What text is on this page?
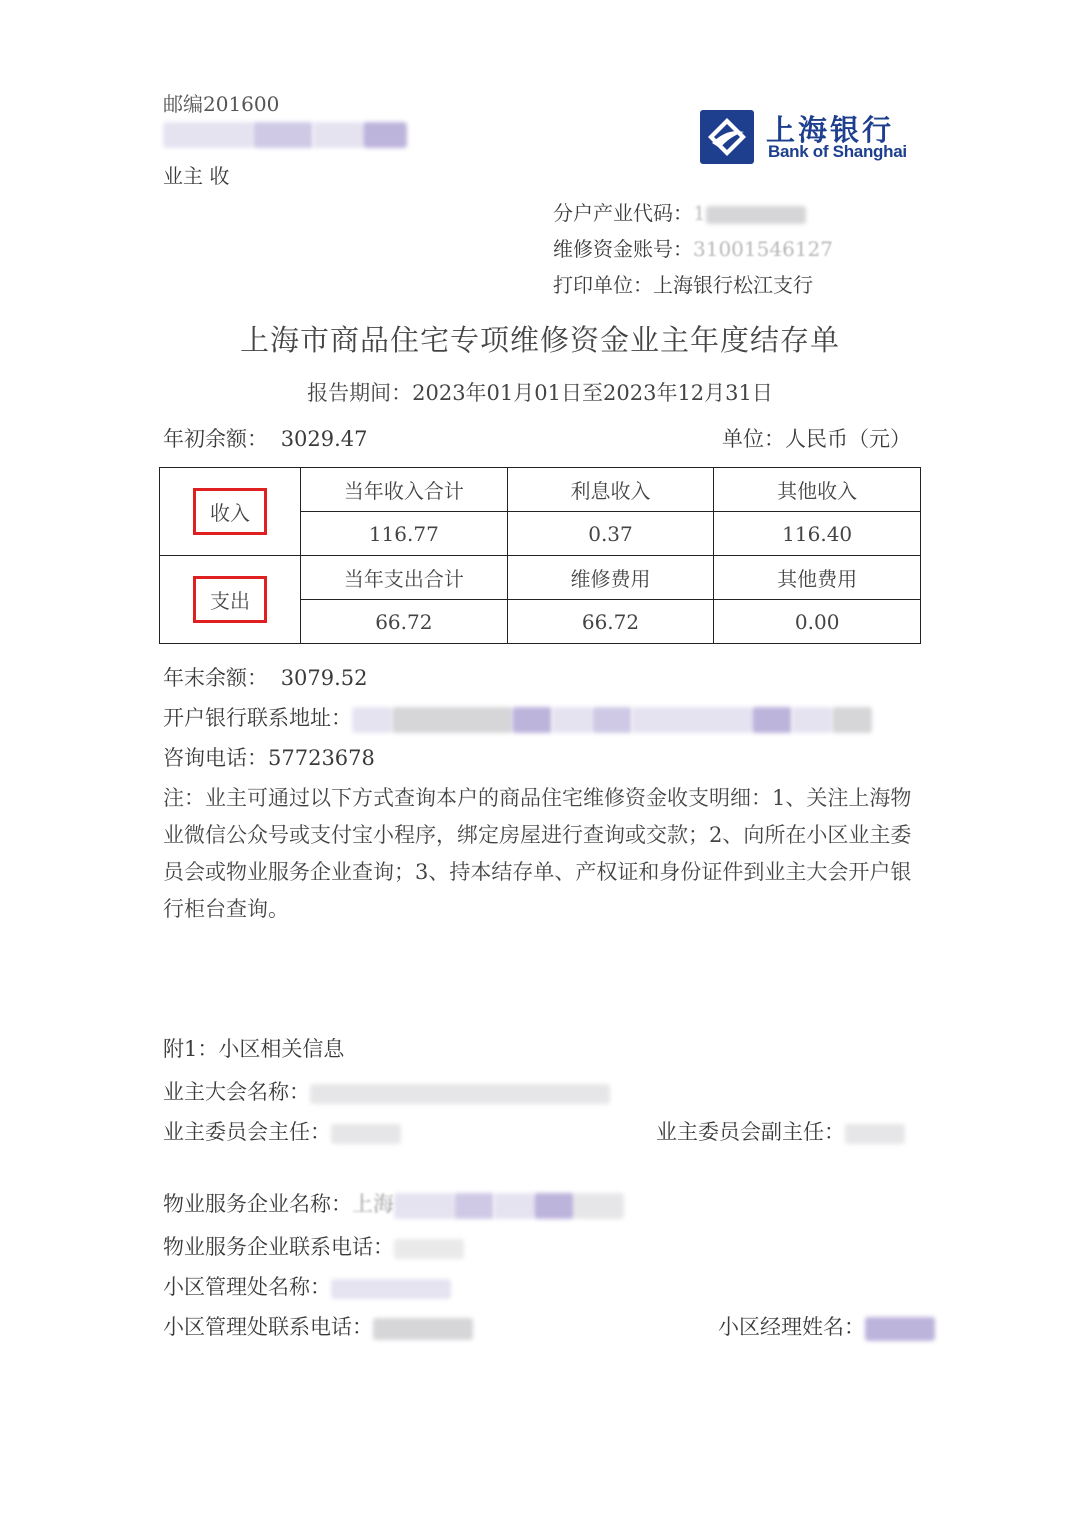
邮编201600
业主 收
上海银行
Bank of Shanghai
分户产业代码：1
维修资金账号：31001546127
打印单位：上海银行松江支行
上海市商品住宅专项维修资金业主年度结存单
报告期间：2023年01月01日至2023年12月31日
年初余额： 3029.47	单位：人民币（元）
收入	当年收入合计	利息收入	其他收入
	116.77	0.37	116.40
支出	当年支出合计	维修费用	其他费用
	66.72	66.72	0.00
年末余额： 3079.52
开户银行联系地址：
咨询电话：57723678
注：业主可通过以下方式查询本户的商品住宅维修资金收支明细：1、关注上海物业微信公众号或支付宝小程序，绑定房屋进行查询或交款；2、向所在小区业主委员会或物业服务企业查询；3、持本结存单、产权证和身份证件到业主大会开户银行柜台查询。
附1：小区相关信息
业主大会名称：
业主委员会主任：	业主委员会副主任：
物业服务企业名称：上海
物业服务企业联系电话：
小区管理处名称：
小区管理处联系电话：	小区经理姓名：
